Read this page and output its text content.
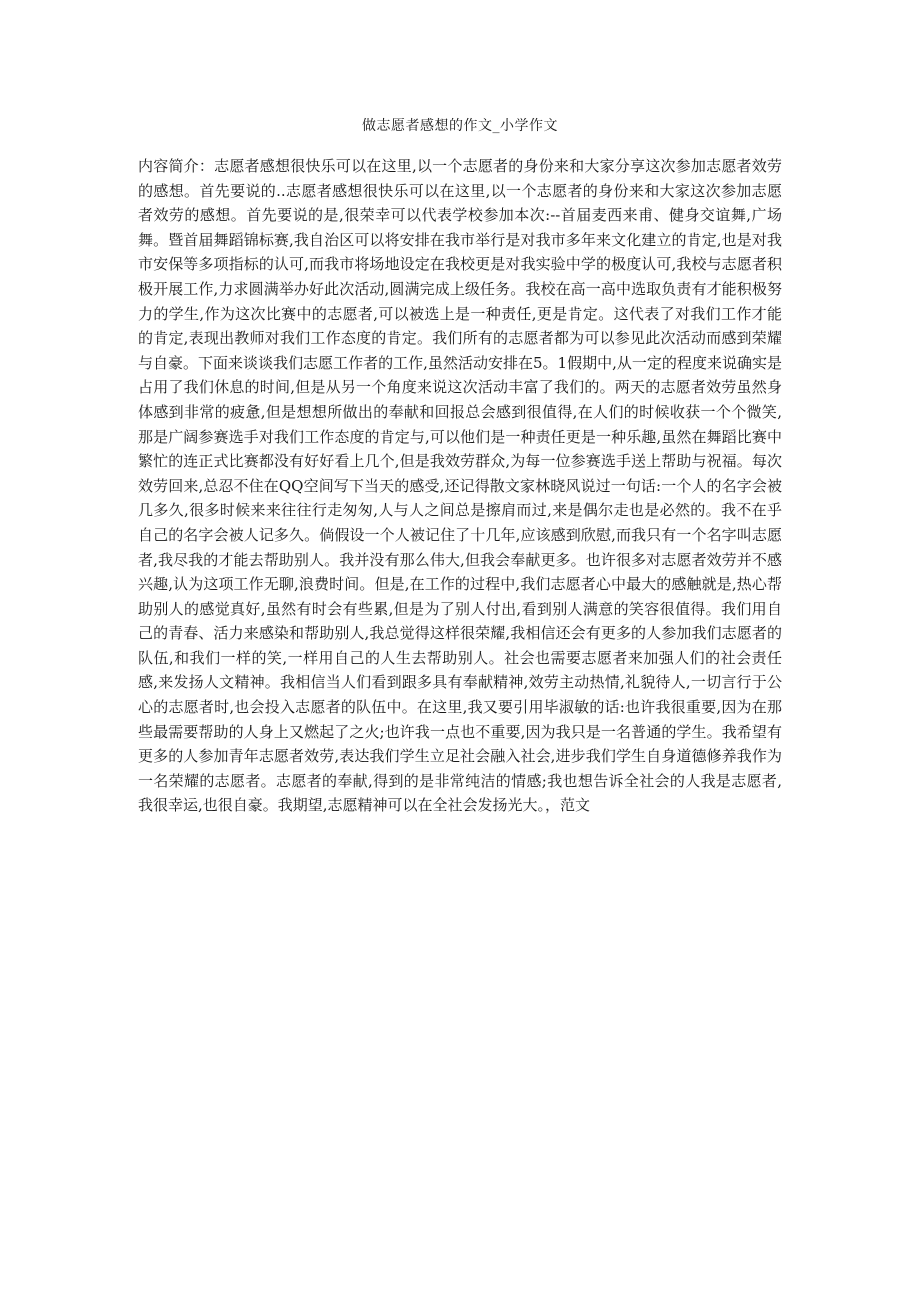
做志愿者感想的作文_小学作文

内容简介：志愿者感想很快乐可以在这里,以一个志愿者的身份来和大家分享这次参加志愿者效劳的感想。首先要说的..志愿者感想很快乐可以在这里,以一个志愿者的身份来和大家这次参加志愿者效劳的感想。首先要说的是,很荣幸可以代表学校参加本次:--首届麦西来甫、健身交谊舞,广场舞。暨首届舞蹈锦标赛,我自治区可以将安排在我市举行是对我市多年来文化建立的肯定,也是对我市安保等多项指标的认可,而我市将场地设定在我校更是对我实验中学的极度认可,我校与志愿者积极开展工作,力求圆满举办好此次活动,圆满完成上级任务。我校在高一高中选取负责有才能积极努力的学生,作为这次比赛中的志愿者,可以被选上是一种责任,更是肯定。这代表了对我们工作才能的肯定,表现出教师对我们工作态度的肯定。我们所有的志愿者都为可以参见此次活动而感到荣耀与自豪。下面来谈谈我们志愿工作者的工作,虽然活动安排在5。1假期中,从一定的程度来说确实是占用了我们休息的时间,但是从另一个角度来说这次活动丰富了我们的。两天的志愿者效劳虽然身体感到非常的疲惫,但是想想所做出的奉献和回报总会感到很值得,在人们的时候收获一个个微笑,那是广阔参赛选手对我们工作态度的肯定与,可以他们是一种责任更是一种乐趣,虽然在舞蹈比赛中繁忙的连正式比赛都没有好好看上几个,但是我效劳群众,为每一位参赛选手送上帮助与祝福。每次效劳回来,总忍不住在QQ空间写下当天的感受,还记得散文家林晓风说过一句话:一个人的名字会被几多久,很多时候来来往往行走匆匆,人与人之间总是擦肩而过,来是偶尔走也是必然的。我不在乎自己的名字会被人记多久。倘假设一个人被记住了十几年,应该感到欣慰,而我只有一个名字叫志愿者,我尽我的才能去帮助别人。我并没有那么伟大,但我会奉献更多。也许很多对志愿者效劳并不感兴趣,认为这项工作无聊,浪费时间。但是,在工作的过程中,我们志愿者心中最大的感触就是,热心帮助别人的感觉真好,虽然有时会有些累,但是为了别人付出,看到别人满意的笑容很值得。我们用自己的青春、活力来感染和帮助别人,我总觉得这样很荣耀,我相信还会有更多的人参加我们志愿者的队伍,和我们一样的笑,一样用自己的人生去帮助别人。社会也需要志愿者来加强人们的社会责任感,来发扬人文精神。我相信当人们看到跟多具有奉献精神,效劳主动热情,礼貌待人,一切言行于公心的志愿者时,也会投入志愿者的队伍中。在这里,我又要引用毕淑敏的话:也许我很重要,因为在那些最需要帮助的人身上又燃起了之火;也许我一点也不重要,因为我只是一名普通的学生。我希望有更多的人参加青年志愿者效劳,表达我们学生立足社会融入社会,进步我们学生自身道德修养我作为一名荣耀的志愿者。志愿者的奉献,得到的是非常纯洁的情感;我也想告诉全社会的人我是志愿者,我很幸运,也很自豪。我期望,志愿精神可以在全社会发扬光大。，范文
